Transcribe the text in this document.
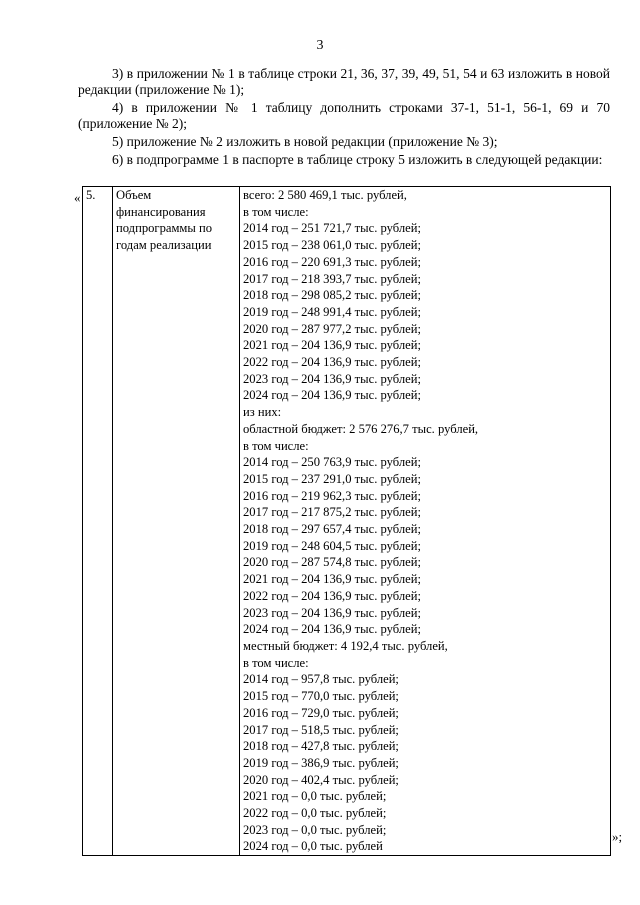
3

3) в приложении № 1 в таблице строки 21, 36, 37, 39, 49, 51, 54 и 63 изложить в новой редакции (приложение № 1);

4) в приложении № 1 таблицу дополнить строками 37-1, 51-1, 56-1, 69 и 70 (приложение № 2);

5) приложение № 2 изложить в новой редакции (приложение № 3);

6) в подпрограмме 1 в паспорте в таблице строку 5 изложить в следующей редакции:

« 5.	Объем финансирования подпрограммы по годам реализации	
всего: 2 580 469,1 тыс. рублей,
в том числе:
2014 год – 251 721,7 тыс. рублей;
2015 год – 238 061,0 тыс. рублей;
2016 год – 220 691,3 тыс. рублей;
2017 год – 218 393,7 тыс. рублей;
2018 год – 298 085,2 тыс. рублей;
2019 год – 248 991,4 тыс. рублей;
2020 год – 287 977,2 тыс. рублей;
2021 год – 204 136,9 тыс. рублей;
2022 год – 204 136,9 тыс. рублей;
2023 год – 204 136,9 тыс. рублей;
2024 год – 204 136,9 тыс. рублей;
из них:
областной бюджет: 2 576 276,7 тыс. рублей,
в том числе:
2014 год – 250 763,9 тыс. рублей;
2015 год – 237 291,0 тыс. рублей;
2016 год – 219 962,3 тыс. рублей;
2017 год – 217 875,2 тыс. рублей;
2018 год – 297 657,4 тыс. рублей;
2019 год – 248 604,5 тыс. рублей;
2020 год – 287 574,8 тыс. рублей;
2021 год – 204 136,9 тыс. рублей;
2022 год – 204 136,9 тыс. рублей;
2023 год – 204 136,9 тыс. рублей;
2024 год – 204 136,9 тыс. рублей;
местный бюджет: 4 192,4 тыс. рублей,
в том числе:
2014 год – 957,8 тыс. рублей;
2015 год – 770,0 тыс. рублей;
2016 год – 729,0 тыс. рублей;
2017 год – 518,5 тыс. рублей;
2018 год – 427,8 тыс. рублей;
2019 год – 386,9 тыс. рублей;
2020 год – 402,4 тыс. рублей;
2021 год – 0,0 тыс. рублей;
2022 год – 0,0 тыс. рублей;
2023 год – 0,0 тыс. рублей;
2024 год – 0,0 тыс. рублей
»;
